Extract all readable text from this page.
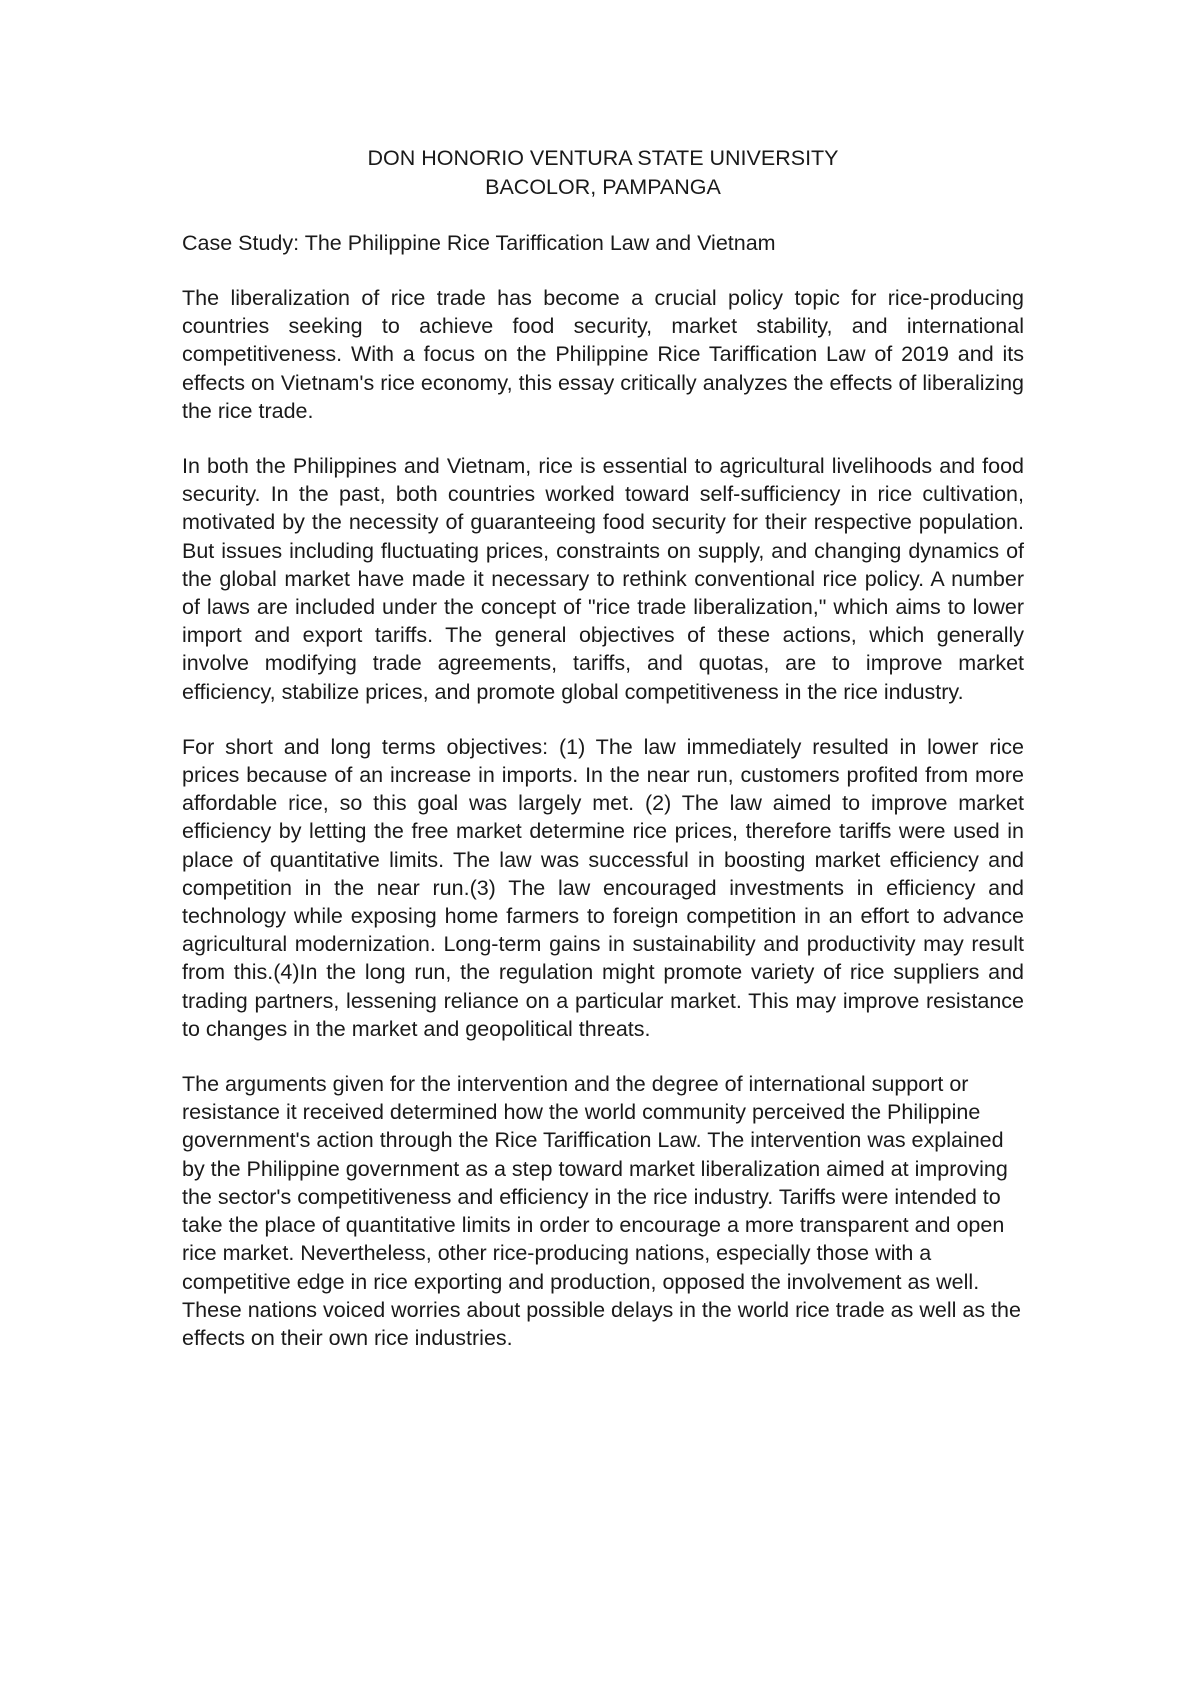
DON HONORIO VENTURA STATE UNIVERSITY
BACOLOR, PAMPANGA

Case Study: The Philippine Rice Tariffication Law and Vietnam

The liberalization of rice trade has become a crucial policy topic for rice-producing countries seeking to achieve food security, market stability, and international competitiveness. With a focus on the Philippine Rice Tariffication Law of 2019 and its effects on Vietnam's rice economy, this essay critically analyzes the effects of liberalizing the rice trade.

In both the Philippines and Vietnam, rice is essential to agricultural livelihoods and food security. In the past, both countries worked toward self-sufficiency in rice cultivation, motivated by the necessity of guaranteeing food security for their respective population. But issues including fluctuating prices, constraints on supply, and changing dynamics of the global market have made it necessary to rethink conventional rice policy. A number of laws are included under the concept of "rice trade liberalization," which aims to lower import and export tariffs. The general objectives of these actions, which generally involve modifying trade agreements, tariffs, and quotas, are to improve market efficiency, stabilize prices, and promote global competitiveness in the rice industry.

For short and long terms objectives: (1) The law immediately resulted in lower rice prices because of an increase in imports. In the near run, customers profited from more affordable rice, so this goal was largely met. (2) The law aimed to improve market efficiency by letting the free market determine rice prices, therefore tariffs were used in place of quantitative limits. The law was successful in boosting market efficiency and competition in the near run.(3) The law encouraged investments in efficiency and technology while exposing home farmers to foreign competition in an effort to advance agricultural modernization. Long-term gains in sustainability and productivity may result from this.(4)In the long run, the regulation might promote variety of rice suppliers and trading partners, lessening reliance on a particular market. This may improve resistance to changes in the market and geopolitical threats.

The arguments given for the intervention and the degree of international support or resistance it received determined how the world community perceived the Philippine government's action through the Rice Tariffication Law. The intervention was explained by the Philippine government as a step toward market liberalization aimed at improving the sector's competitiveness and efficiency in the rice industry. Tariffs were intended to take the place of quantitative limits in order to encourage a more transparent and open rice market. Nevertheless, other rice-producing nations, especially those with a competitive edge in rice exporting and production, opposed the involvement as well. These nations voiced worries about possible delays in the world rice trade as well as the effects on their own rice industries.
